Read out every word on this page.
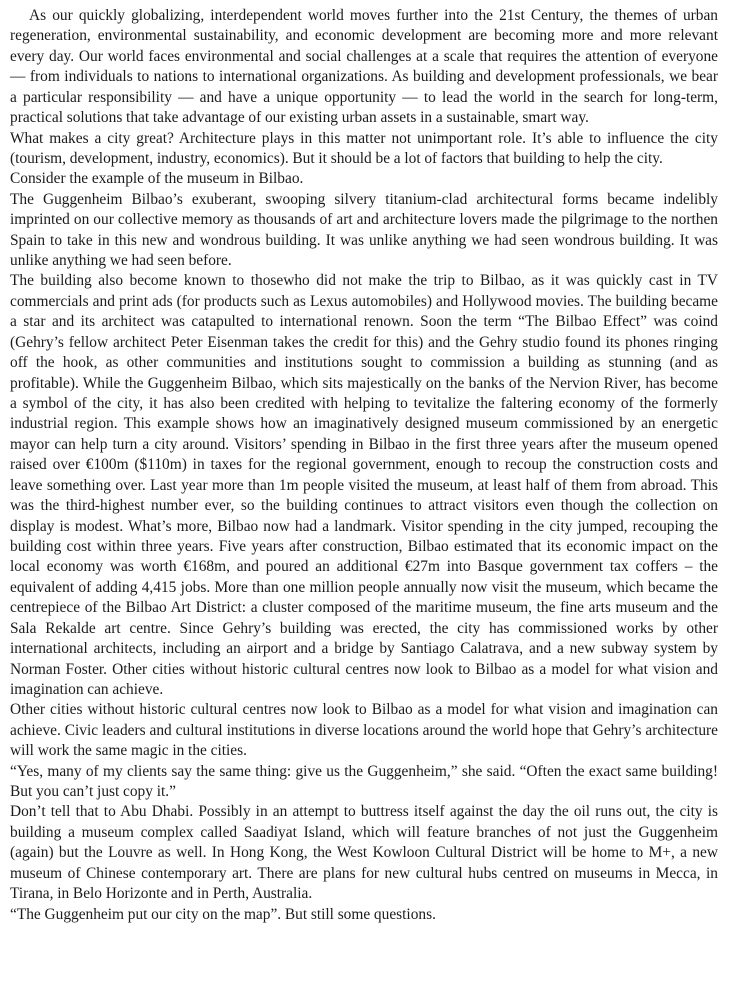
As our quickly globalizing, interdependent world moves further into the 21st Century, the themes of urban regeneration, environmental sustainability, and economic development are becoming more and more relevant every day. Our world faces environmental and social challenges at a scale that requires the attention of everyone — from individuals to nations to international organizations. As building and development professionals, we bear a particular responsibility — and have a unique opportunity — to lead the world in the search for long-term, practical solutions that take advantage of our existing urban assets in a sustainable, smart way.

What makes a city great? Architecture plays in this matter not unimportant role. It’s able to influence the city (tourism, development, industry, economics). But it should be a lot of factors that building to help the city.

Consider the example of the museum in Bilbao.

The Guggenheim Bilbao’s exuberant, swooping silvery titanium-clad architectural forms became indelibly imprinted on our collective memory as thousands of art and architecture lovers made the pilgrimage to the northen Spain to take in this new and wondrous building. It was unlike anything we had seen wondrous building. It was unlike anything we had seen before.

The building also become known to thosewho did not make the trip to Bilbao, as it was quickly cast in TV commercials and print ads (for products such as Lexus automobiles) and Hollywood movies. The building became a star and its architect was catapulted to international renown. Soon the term “The Bilbao Effect” was coind (Gehry’s fellow architect Peter Eisenman takes the credit for this) and the Gehry studio found its phones ringing off the hook, as other communities and institutions sought to commission a building as stunning (and as profitable). While the Guggenheim Bilbao, which sits majestically on the banks of the Nervion River, has become a symbol of the city, it has also been credited with helping to tevitalize the faltering economy of the formerly industrial region. This example shows how an imaginatively designed museum commissioned by an energetic mayor can help turn a city around. Visitors’ spending in Bilbao in the first three years after the museum opened raised over €100m ($110m) in taxes for the regional government, enough to recoup the construction costs and leave something over. Last year more than 1m people visited the museum, at least half of them from abroad. This was the third-highest number ever, so the building continues to attract visitors even though the collection on display is modest. What’s more, Bilbao now had a landmark. Visitor spending in the city jumped, recouping the building cost within three years. Five years after construction, Bilbao estimated that its economic impact on the local economy was worth €168m, and poured an additional €27m into Basque government tax coffers – the equivalent of adding 4,415 jobs. More than one million people annually now visit the museum, which became the centrepiece of the Bilbao Art District: a cluster composed of the maritime museum, the fine arts museum and the Sala Rekalde art centre. Since Gehry’s building was erected, the city has commissioned works by other international architects, including an airport and a bridge by Santiago Calatrava, and a new subway system by Norman Foster. Other cities without historic cultural centres now look to Bilbao as a model for what vision and imagination can achieve.

Other cities without historic cultural centres now look to Bilbao as a model for what vision and imagination can achieve. Civic leaders and cultural institutions in diverse locations around the world hope that Gehry’s architecture will work the same magic in the cities.

“Yes, many of my clients say the same thing: give us the Guggenheim,” she said. “Often the exact same building! But you can’t just copy it.”

Don’t tell that to Abu Dhabi. Possibly in an attempt to buttress itself against the day the oil runs out, the city is building a museum complex called Saadiyat Island, which will feature branches of not just the Guggenheim (again) but the Louvre as well. In Hong Kong, the West Kowloon Cultural District will be home to M+, a new museum of Chinese contemporary art. There are plans for new cultural hubs centred on museums in Mecca, in Tirana, in Belo Horizonte and in Perth, Australia.

“The Guggenheim put our city on the map”. But still some questions.
